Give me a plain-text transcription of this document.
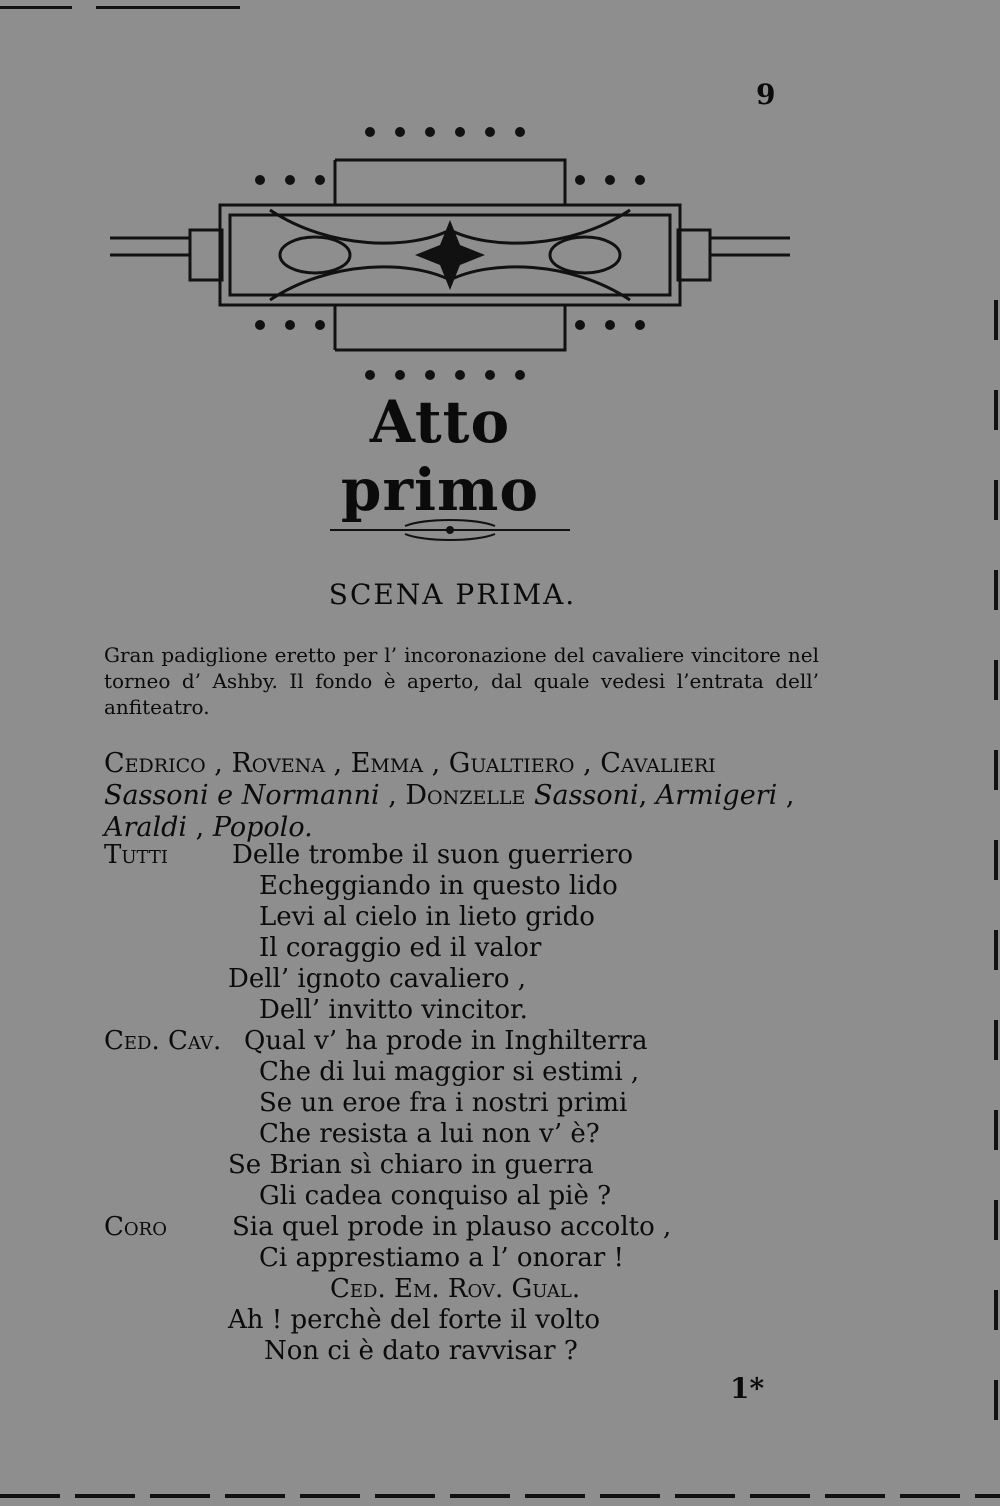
9
Atto primo
SCENA PRIMA.
Gran padiglione eretto per l’ incoronazione del cavaliere vincitore nel torneo d’ Ashby. Il fondo è aperto, dal quale vedesi l’entrata dell’ anfiteatro.
Cedrico , Rovena , Emma , Gualtiero , Cavalieri Sassoni e Normanni , Donzelle Sassoni, Armigeri , Araldi , Popolo.
Tutti Delle trombe il suon guerriero
Echeggiando in questo lido
Levi al cielo in lieto grido
Il coraggio ed il valor
Dell’ ignoto cavaliero ,
Dell’ invitto vincitor.
Ced. Cav. Qual v’ ha prode in Inghilterra
Che di lui maggior si estimi ,
Se un eroe fra i nostri primi
Che resista a lui non v’ è?
Se Brian sì chiaro in guerra
Gli cadea conquiso al piè ?
Coro	Sia quel prode in plauso accolto ,
Ci apprestiamo a l’ onorar !
Ced. Em. Rov. Gual.
Ah ! perchè del forte il volto
Non ci è dato ravvisar ?
1*
